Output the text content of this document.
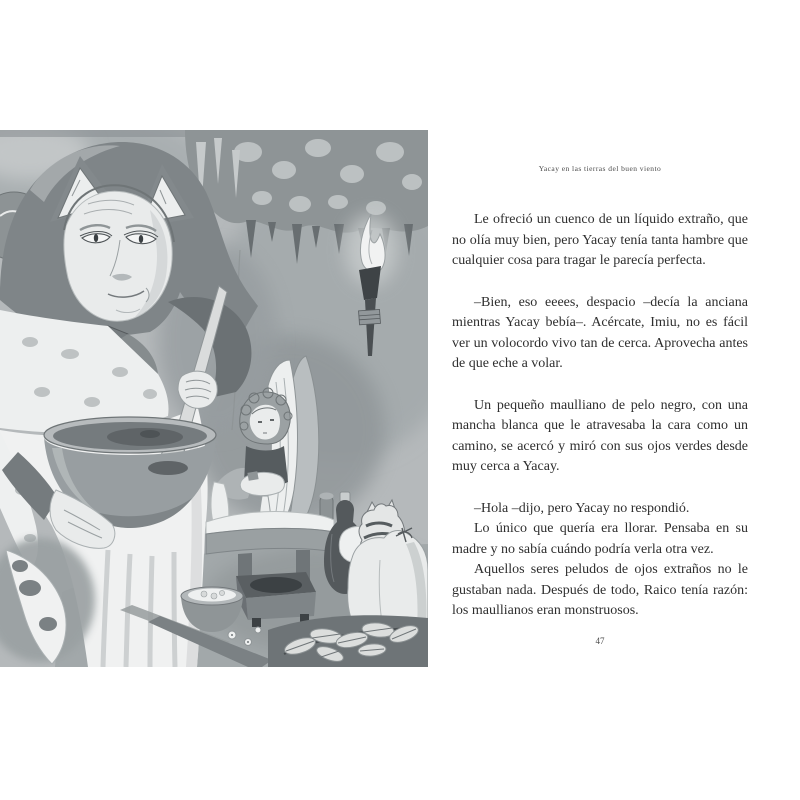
Yacay en las tierras del buen viento

Le ofreció un cuenco de un líquido extraño, que no olía muy bien, pero Yacay tenía tanta hambre que cualquier cosa para tragar le parecía perfecta.

–Bien, eso eeees, despacio –decía la anciana mientras Yacay bebía–. Acércate, Imiu, no es fácil ver un volocordo vivo tan de cerca. Aprovecha antes de que eche a volar.

Un pequeño maulliano de pelo negro, con una mancha blanca que le atravesaba la cara como un camino, se acercó y miró con sus ojos verdes desde muy cerca a Yacay.

–Hola –dijo, pero Yacay no respondió.

Lo único que quería era llorar. Pensaba en su madre y no sabía cuándo podría verla otra vez.

Aquellos seres peludos de ojos extraños no le gustaban nada. Después de todo, Raico tenía razón: los maullianos eran monstruosos.

47
